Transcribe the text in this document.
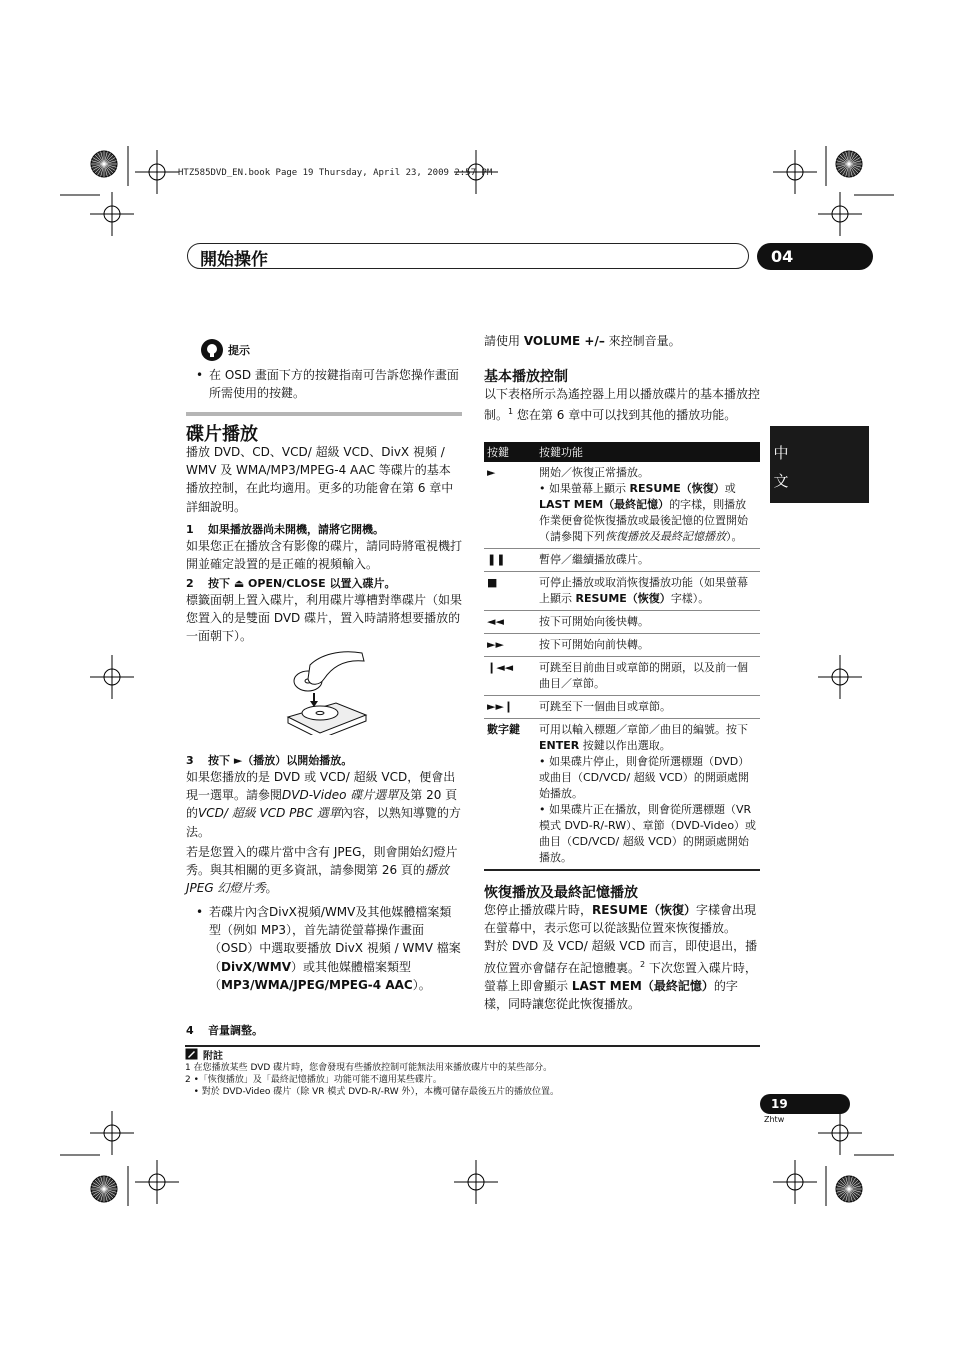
HTZ585DVD_EN.book Page 19 Thursday, April 23, 2009 2:57 PM
開始操作	04
中
文
提示
• 在 OSD 畫面下方的按鍵指南可告訴您操作畫面所需使用的按鍵。
碟片播放
播放 DVD、CD、VCD/ 超級 VCD、DivX 視頻 / WMV 及 WMA/MP3/MPEG-4 AAC 等碟片的基本播放控制，在此均適用。更多的功能會在第 6 章中詳細說明。
1 如果播放器尚未開機，請將它開機。
如果您正在播放含有影像的碟片，請同時將電視機打開並確定設置的是正確的視頻輸入。
2 按下 ⏏ OPEN/CLOSE 以置入碟片。
標籤面朝上置入碟片，利用碟片導槽對準碟片（如果您置入的是雙面 DVD 碟片，置入時請將想要播放的一面朝下）。
3 按下 ►（播放）以開始播放。
如果您播放的是 DVD 或 VCD/ 超級 VCD，便會出現一選單。請參閱DVD-Video 碟片選單及第 20 頁的VCD/ 超級 VCD PBC 選單內容，以熟知導覽的方法。
若是您置入的碟片當中含有 JPEG，則會開始幻燈片秀。與其相關的更多資訊，請參閱第 26 頁的播放 JPEG 幻燈片秀。
• 若碟片內含DivX視頻/WMV及其他媒體檔案類型（例如 MP3），首先請從螢幕操作畫面（OSD）中選取要播放 DivX 視頻 / WMV 檔案（DivX/WMV）或其他媒體檔案類型（MP3/WMA/JPEG/MPEG-4 AAC）。
4 音量調整。
請使用 VOLUME +/– 來控制音量。
基本播放控制
以下表格所示為遙控器上用以播放碟片的基本播放控制。$^1$ 您在第 6 章中可以找到其他的播放功能。
按鍵	按鍵功能
►	開始／恢復正常播放。
• 如果螢幕上顯示 RESUME（恢復）或 LAST MEM（最終記憶）的字樣，則播放作業便會從恢復播放或最後記憶的位置開始（請參閱下列恢復播放及最終記憶播放）。

❚❚	暫停／繼續播放碟片。
■	可停止播放或取消恢復播放功能（如果螢幕上顯示 RESUME（恢復）字樣）。
◄◄	按下可開始向後快轉。
►►	按下可開始向前快轉。
❙◄◄	可跳至目前曲目或章節的開頭，以及前一個曲目／章節。
►►❙	可跳至下一個曲目或章節。
數字鍵	可用以輸入標題／章節／曲目的編號。按下 ENTER 按鍵以作出選取。
• 如果碟片停止，則會從所選標題（DVD）或曲目（CD/VCD/ 超級 VCD）的開頭處開始播放。
• 如果碟片正在播放，則會從所選標題（VR 模式 DVD-R/-RW）、章節（DVD-Video）或曲目（CD/VCD/ 超級 VCD）的開頭處開始播放。
恢復播放及最終記憶播放
您停止播放碟片時，RESUME（恢復）字樣會出現在螢幕中，表示您可以從該點位置來恢復播放。
對於 DVD 及 VCD/ 超級 VCD 而言，即使退出，播放位置亦會儲存在記憶體裏。$^2$ 下次您置入碟片時，螢幕上即會顯示 LAST MEM（最終記憶）的字樣，同時讓您從此恢復播放。
附註
1 在您播放某些 DVD 碟片時，您會發現有些播放控制可能無法用來播放碟片中的某些部分。
2 •「恢復播放」及「最終記憶播放」功能可能不適用某些碟片。
• 對於 DVD-Video 碟片（除 VR 模式 DVD-R/-RW 外），本機可儲存最後五片的播放位置。
19
Zhtw
